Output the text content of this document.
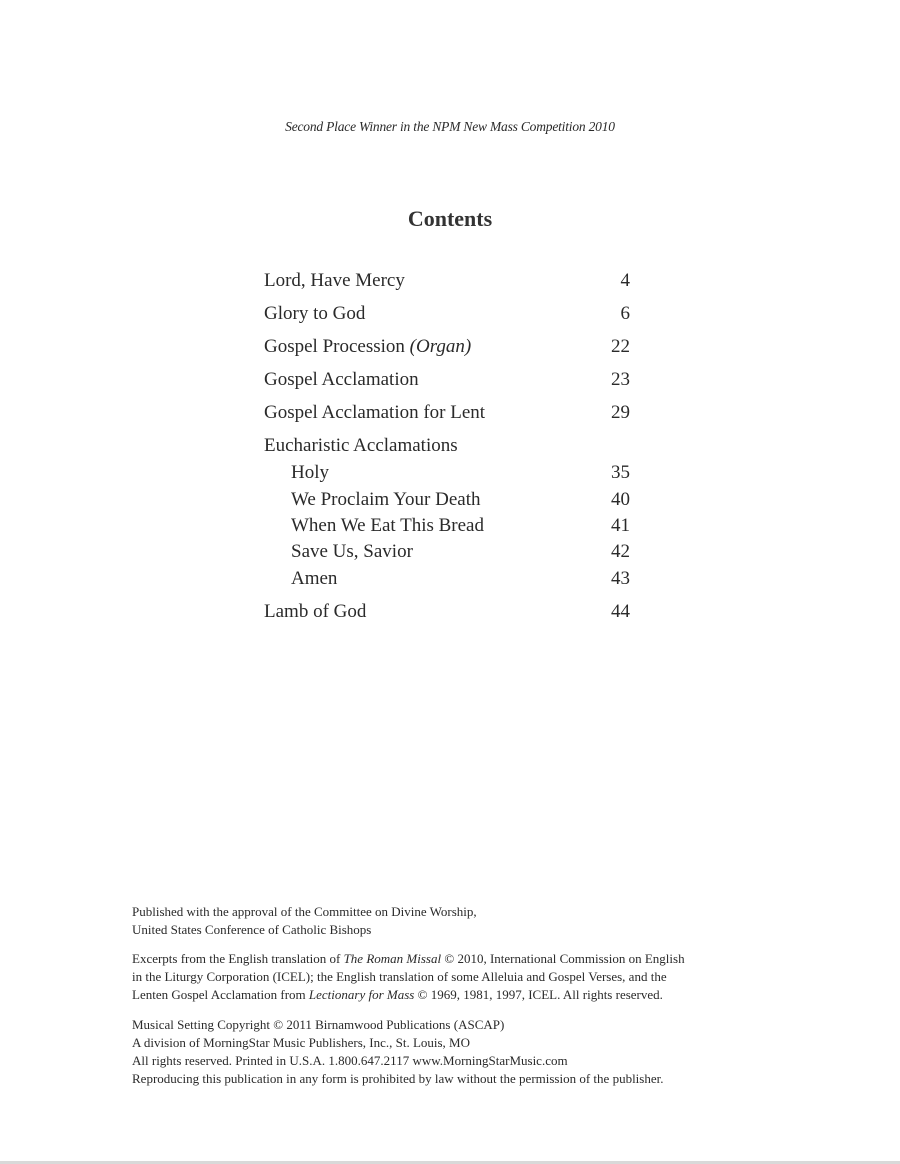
Second Place Winner in the NPM New Mass Competition 2010
Contents
Lord, Have Mercy	4
Glory to God	6
Gospel Procession (Organ)	22
Gospel Acclamation	23
Gospel Acclamation for Lent	29
Eucharistic Acclamations
Holy	35
We Proclaim Your Death	40
When We Eat This Bread	41
Save Us, Savior	42
Amen	43
Lamb of God	44

Published with the approval of the Committee on Divine Worship,

United States Conference of Catholic Bishops

Excerpts from the English translation of The Roman Missal © 2010, International Commission on English

in the Liturgy Corporation (ICEL); the English translation of some Alleluia and Gospel Verses, and the

Lenten Gospel Acclamation from Lectionary for Mass © 1969, 1981, 1997, ICEL. All rights reserved.

Musical Setting Copyright © 2011 Birnamwood Publications (ASCAP)

A division of MorningStar Music Publishers, Inc., St. Louis, MO

All rights reserved. Printed in U.S.A. 1.800.647.2117 www.MorningStarMusic.com

Reproducing this publication in any form is prohibited by law without the permission of the publisher.
